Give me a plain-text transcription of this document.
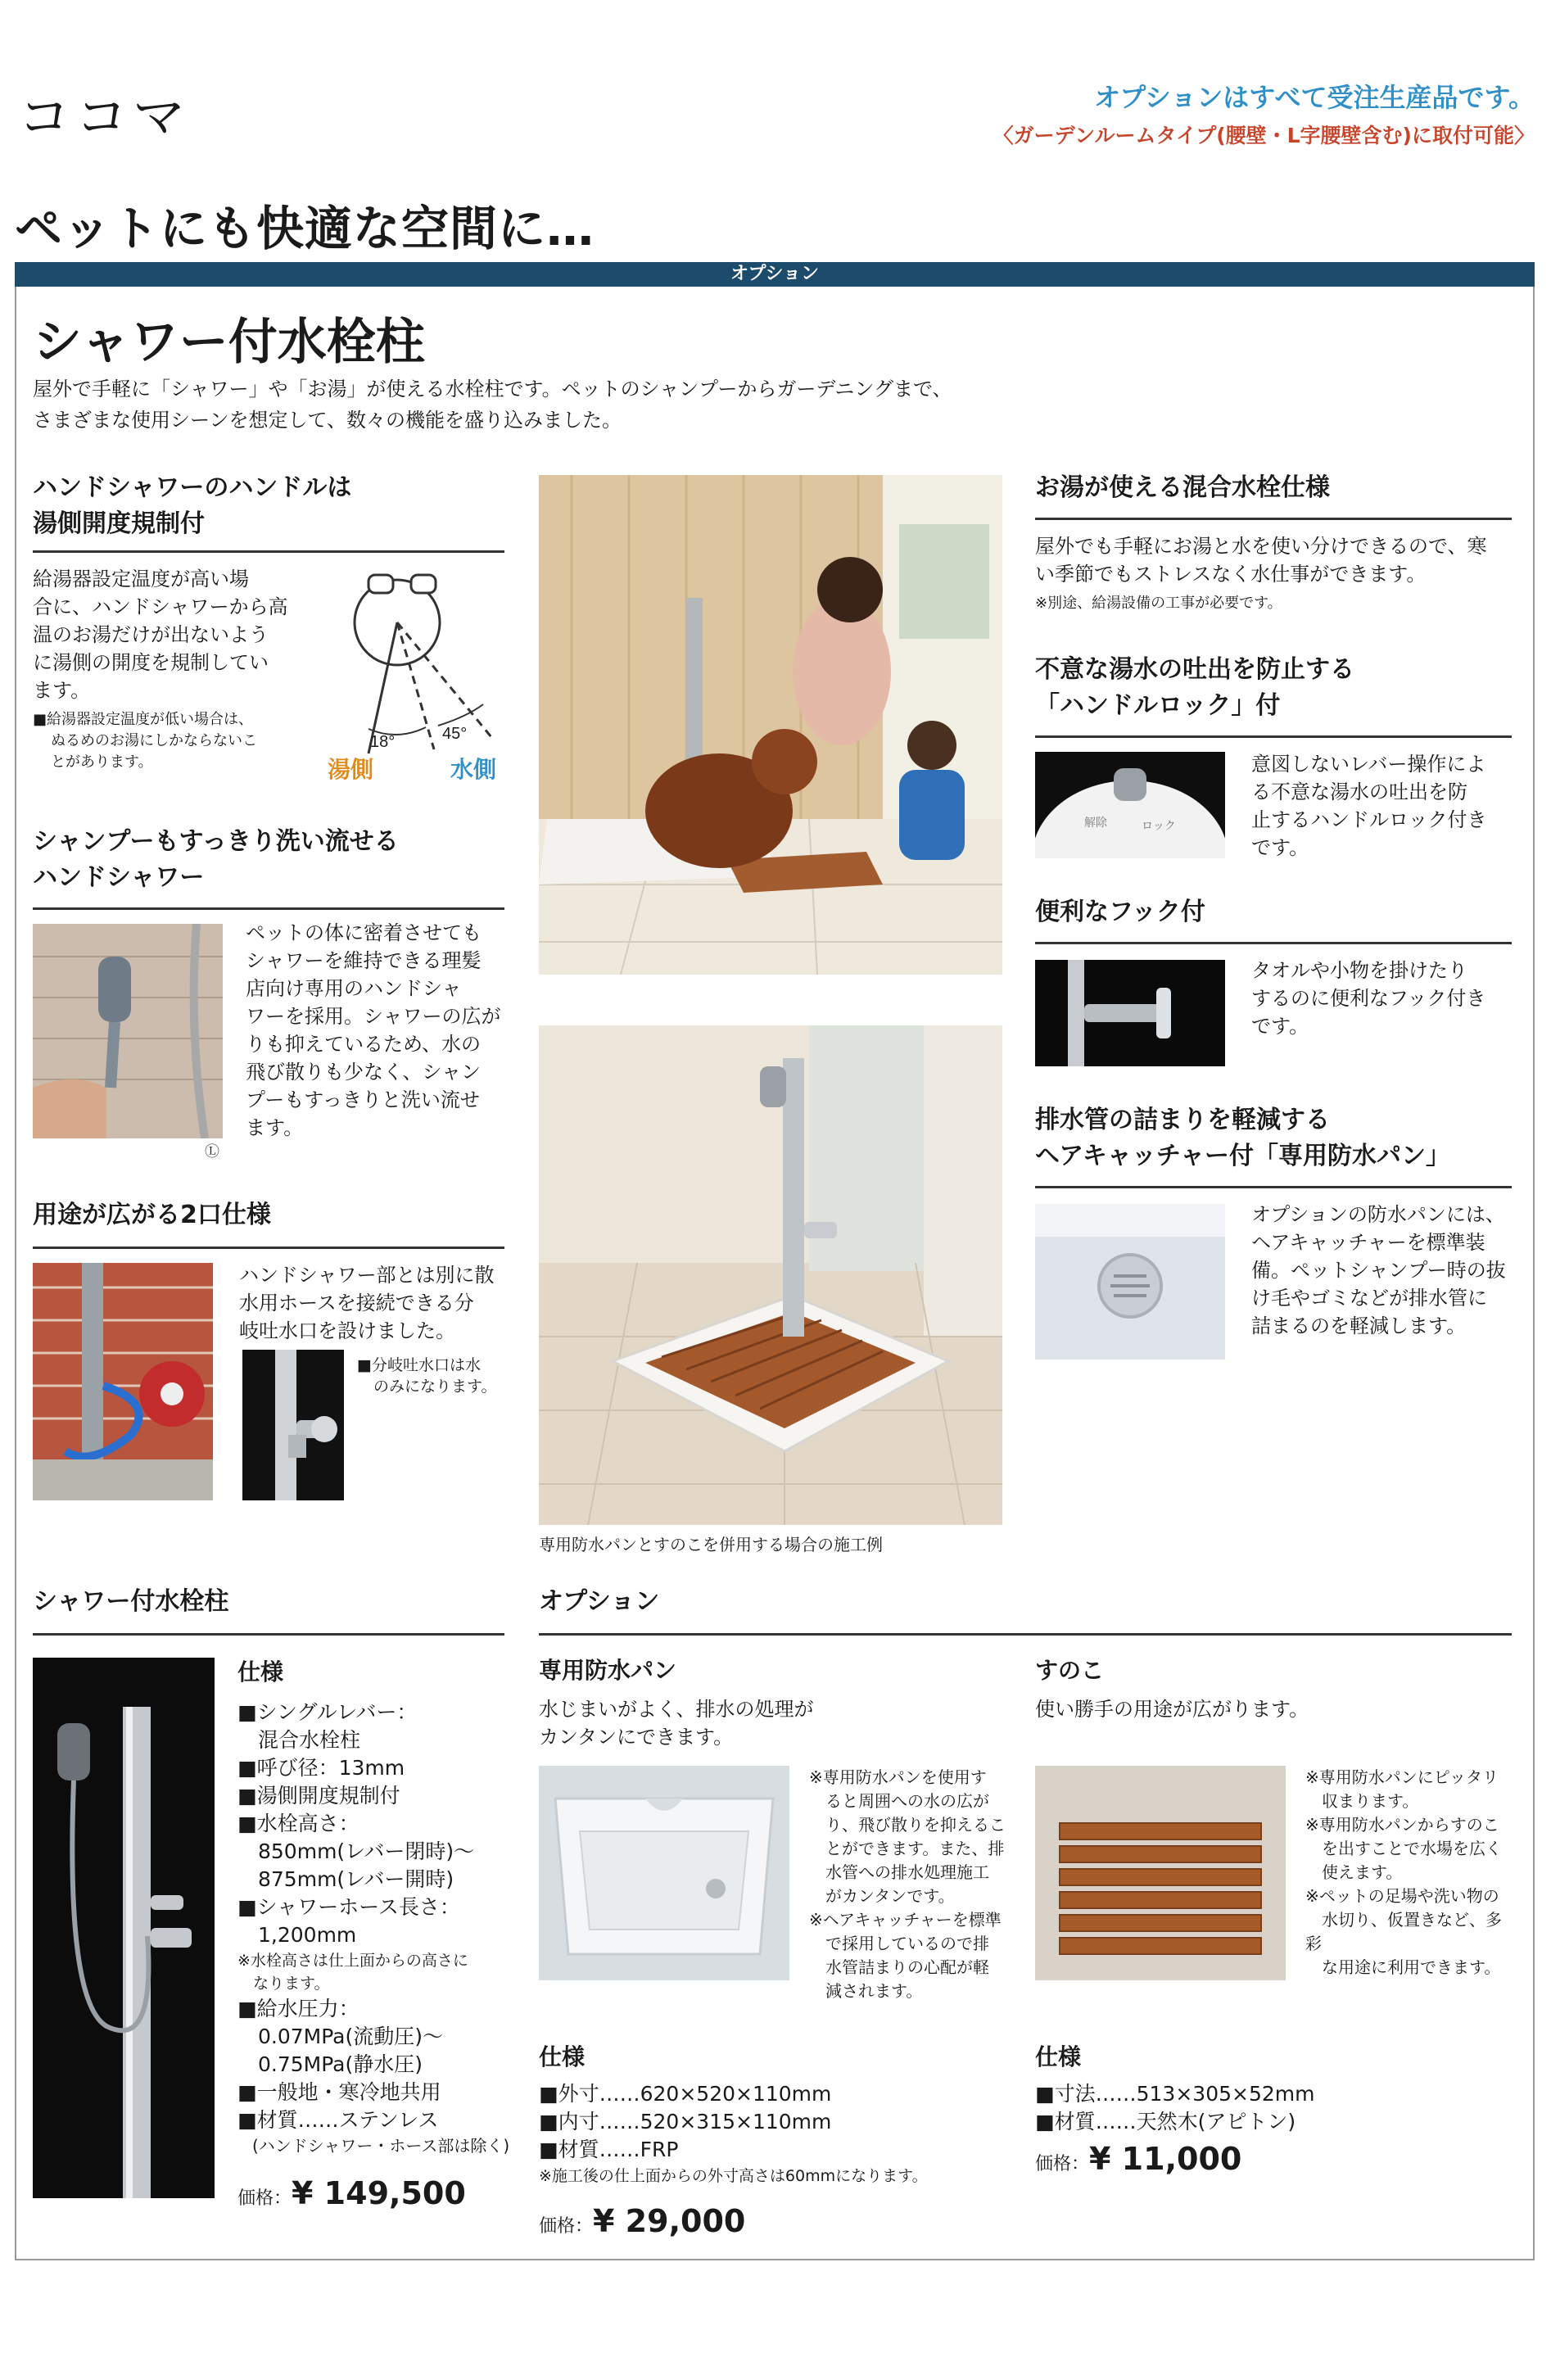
ココマ	オプションはすべて受注生産品です。
〈ガーデンルームタイプ(腰壁・L字腰壁含む)に取付可能〉
ペットにも快適な空間に…
オプション
シャワー付水栓柱
屋外で手軽に「シャワー」や「お湯」が使える水栓柱です。ペットのシャンプーからガーデニングまで、
さまざまな使用シーンを想定して、数々の機能を盛り込みました。
ハンドシャワーのハンドルは
湯側開度規制付
給湯器設定温度が高い場
合に、ハンドシャワーから高
温のお湯だけが出ないよう
に湯側の開度を規制してい
ます。
■給湯器設定温度が低い場合は、
ぬるめのお湯にしかならないこ
とがあります。
18°	45°
湯側	水側
シャンプーもすっきり洗い流せる
ハンドシャワー
Ⓛ
ペットの体に密着させても
シャワーを維持できる理髪
店向け専用のハンドシャ
ワーを採用。シャワーの広が
りも抑えているため、水の
飛び散りも少なく、シャン
プーもすっきりと洗い流せ
ます。
用途が広がる2口仕様
ハンドシャワー部とは別に散
水用ホースを接続できる分
岐吐水口を設けました。
■分岐吐水口は水
のみになります。
専用防水パンとすのこを併用する場合の施工例
お湯が使える混合水栓仕様
屋外でも手軽にお湯と水を使い分けできるので、寒
い季節でもストレスなく水仕事ができます。
※別途、給湯設備の工事が必要です。
不意な湯水の吐出を防止する
「ハンドルロック」付
解除	ロック
意図しないレバー操作によ
る不意な湯水の吐出を防
止するハンドルロック付き
です。
便利なフック付
タオルや小物を掛けたり
するのに便利なフック付き
です。
排水管の詰まりを軽減する
ヘアキャッチャー付「専用防水パン」
オプションの防水パンには、
ヘアキャッチャーを標準装
備。ペットシャンプー時の抜
け毛やゴミなどが排水管に
詰まるのを軽減します。
シャワー付水栓柱
仕様
■シングルレバー：
　混合水栓柱
■呼び径：13mm
■湯側開度規制付
■水栓高さ：
　850mm(レバー閉時)〜
　875mm(レバー開時)
■シャワーホース長さ：
　1,200mm
※水栓高さは仕上面からの高さに
　なります。
■給水圧力：
　0.07MPa(流動圧)〜
　0.75MPa(静水圧)
■一般地・寒冷地共用
■材質……ステンレス
(ハンドシャワー・ホース部は除く)
価格：¥ 149,500
オプション
専用防水パン
水じまいがよく、排水の処理が
カンタンにできます。
※専用防水パンを使用す
　ると周囲への水の広が
　り、飛び散りを抑えるこ
　とができます。また、排
　水管への排水処理施工
　がカンタンです。
※ヘアキャッチャーを標準
　で採用しているので排
　水管詰まりの心配が軽
　減されます。
仕様
■外寸……620×520×110mm
■内寸……520×315×110mm
■材質……FRP
※施工後の仕上面からの外寸高さは60mmになります。
価格：¥ 29,000
すのこ
使い勝手の用途が広がります。
※専用防水パンにピッタリ
　収まります。
※専用防水パンからすのこ
　を出すことで水場を広く
　使えます。
※ペットの足場や洗い物の
　水切り、仮置きなど、多彩
　な用途に利用できます。
仕様
■寸法……513×305×52mm
■材質……天然木(アピトン)
価格：¥ 11,000
